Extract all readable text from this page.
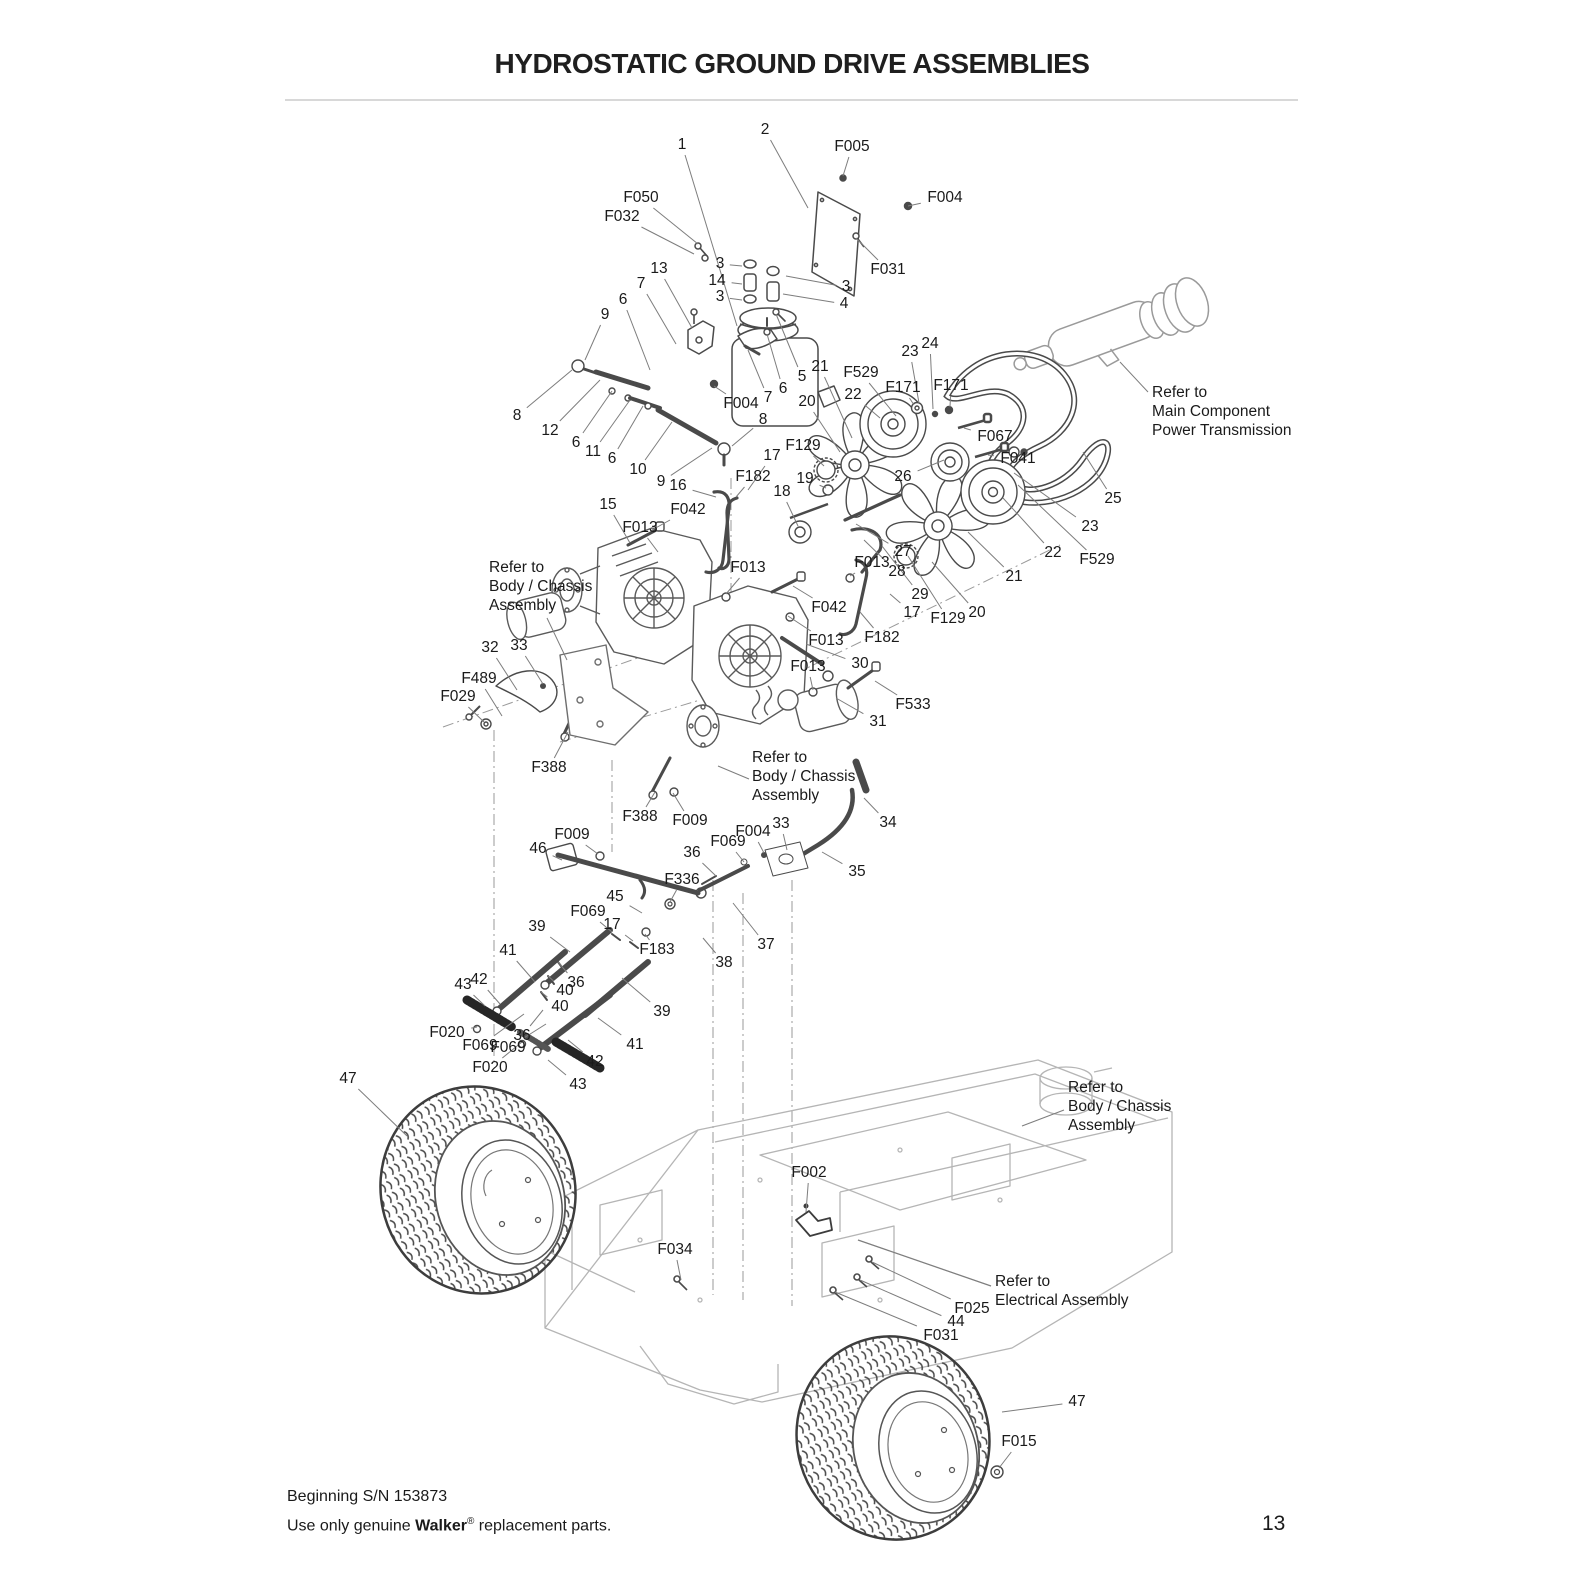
HYDROSTATIC GROUND DRIVE ASSEMBLIES
2
1	F005
F004
F050
F032
F031
3
14
3
3
4
13
7
6
9
8
12
6
11 6
10
9 16
F004 7
8
6
5
17
F182
F129
19
18
20
21
22
F529
23 24
F171 F171
F067
F041
26
25
23
22 F529
21
27
28
29
17 F129 20
F013
F042
15
F013
F042
F013
F182
F013
30
F013
F533
31
32 33
F489
F029
F388
F388 F009	34
33
F004
F069
36
35
F009
46
F336
45
F069
17
F183
39
37
38
41
43
42	36
40
40
F020
F069
36
F069
F020	42
43
39
41
47
F002
F034
F025
44
F031
47
F015
Refer to
Main Component
Power Transmission
Refer to
Body / Chassis
Assembly
Refer to
Body / Chassis
Assembly
Refer to
Body / Chassis
Assembly
Refer to
Electrical Assembly
Beginning S/N 153873
Use only genuine Walker® replacement parts.	13
